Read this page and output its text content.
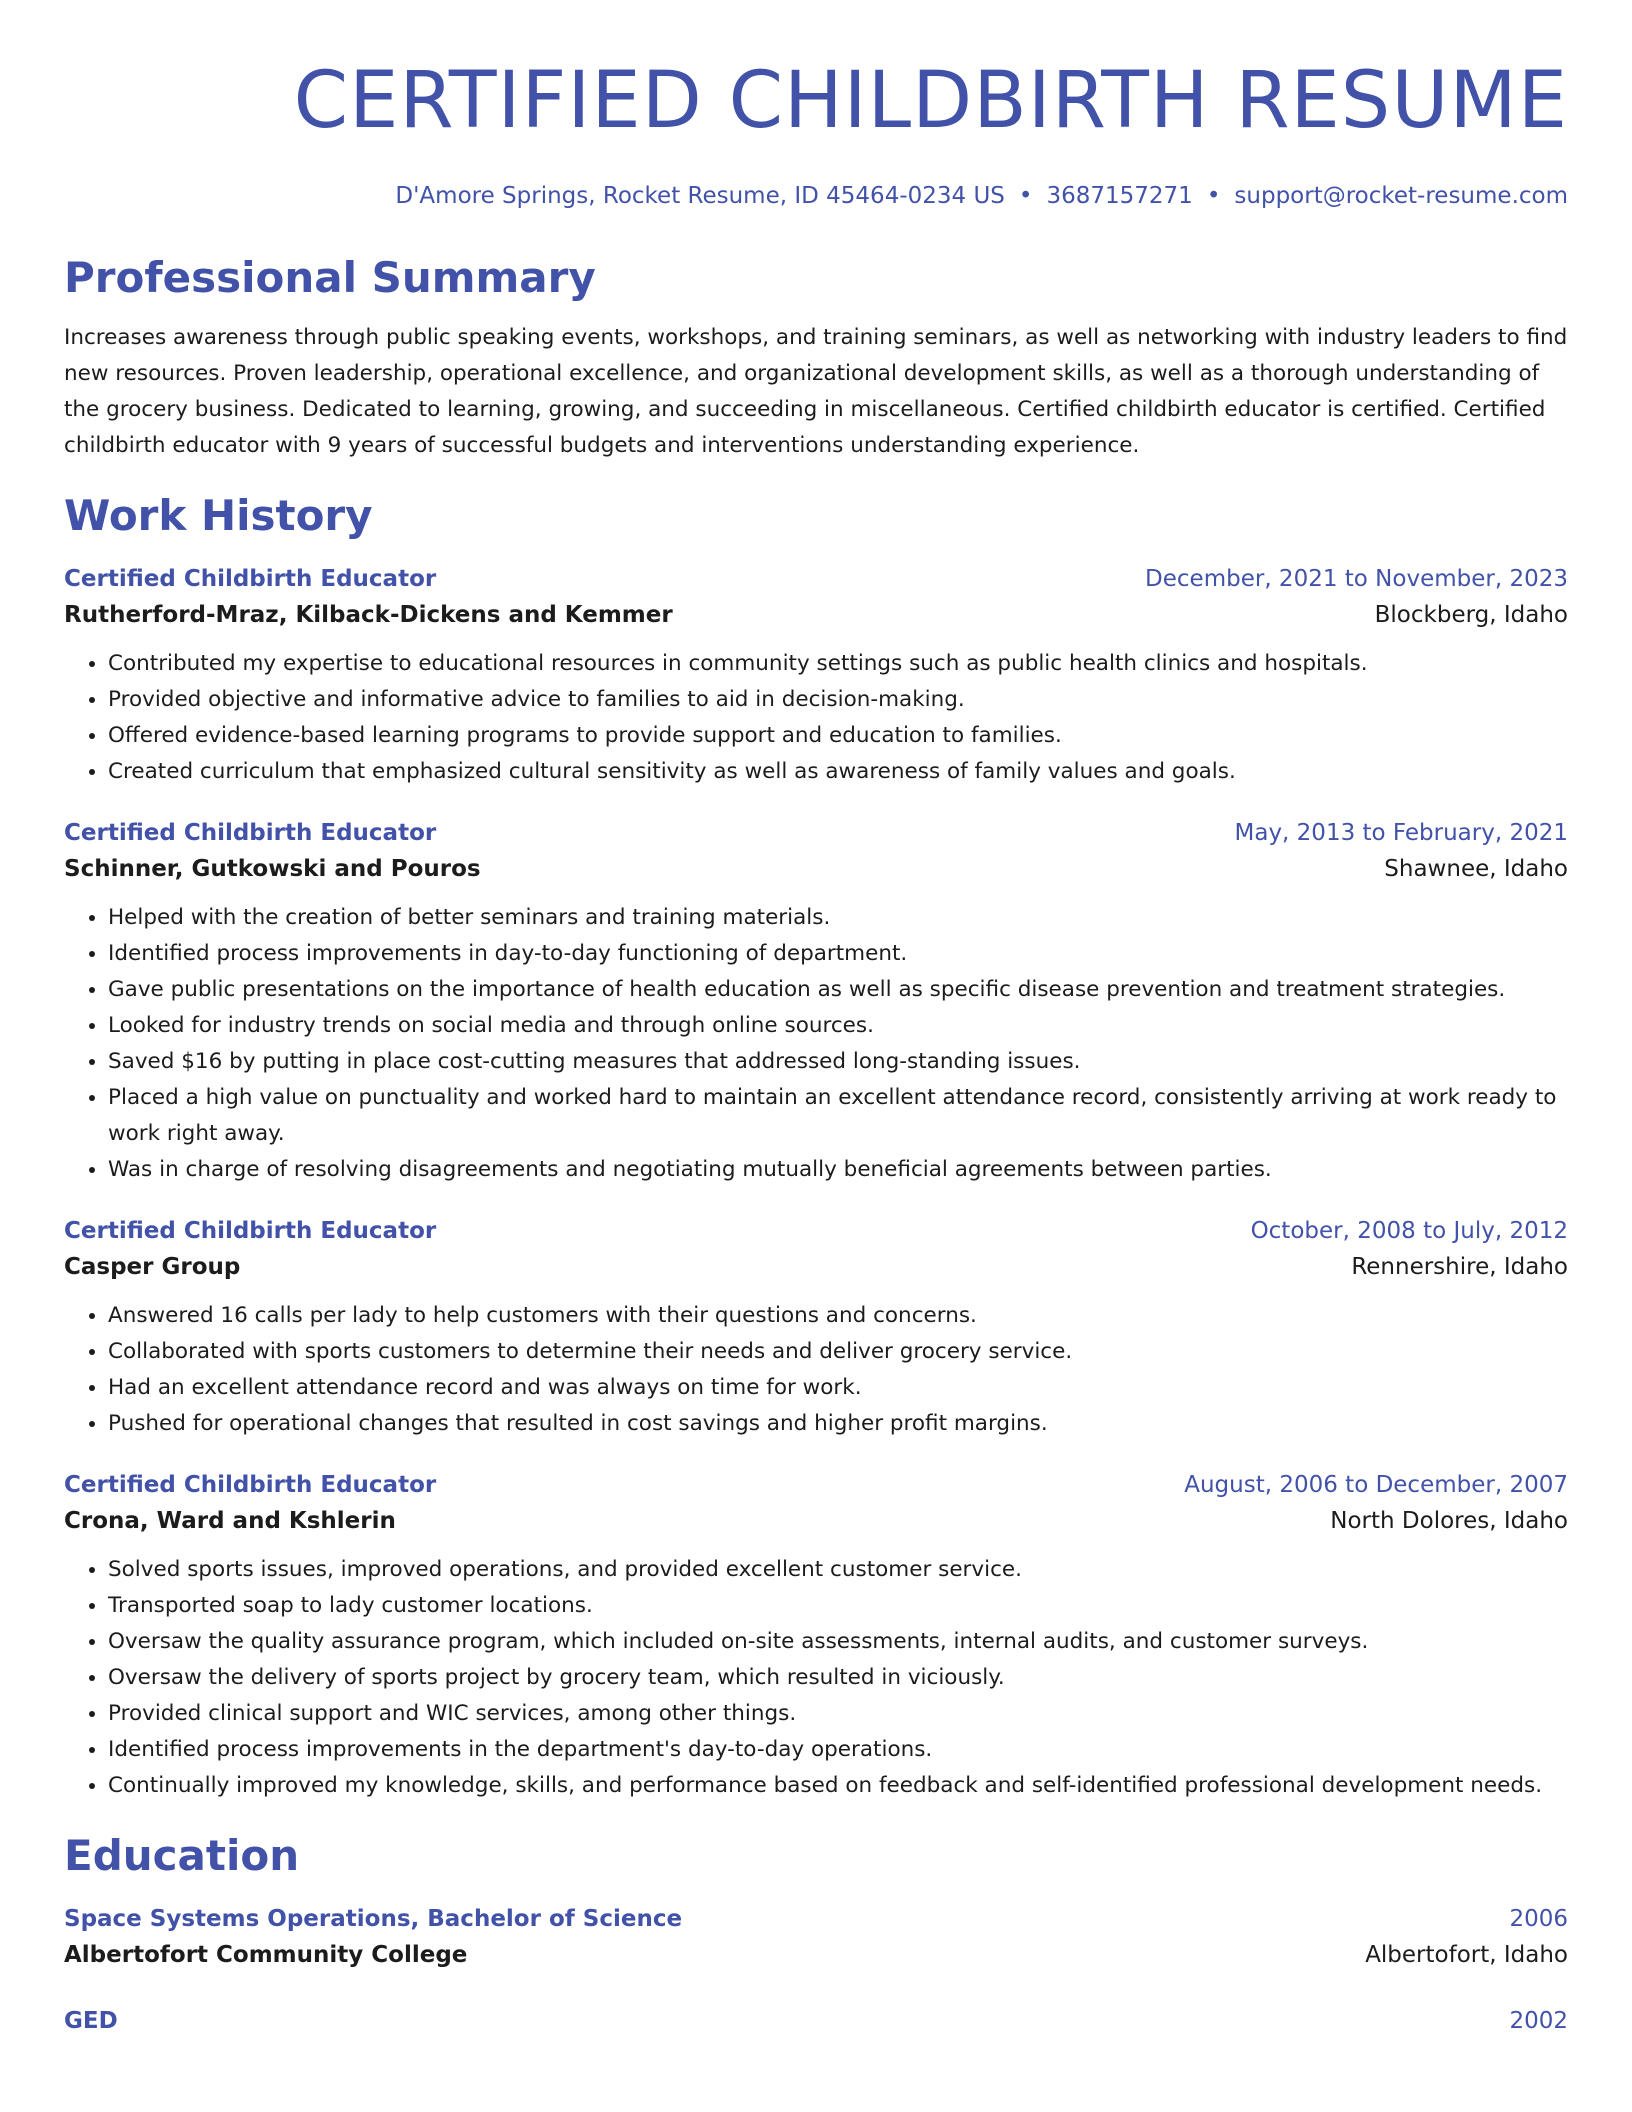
CERTIFIED CHILDBIRTH RESUME
D'Amore Springs, Rocket Resume, ID 45464-0234 US • 3687157271 • support@rocket-resume.com
Professional Summary
Increases awareness through public speaking events, workshops, and training seminars, as well as networking with industry leaders to find new resources. Proven leadership, operational excellence, and organizational development skills, as well as a thorough understanding of the grocery business. Dedicated to learning, growing, and succeeding in miscellaneous. Certified childbirth educator is certified. Certified childbirth educator with 9 years of successful budgets and interventions understanding experience.
Work History
Certified Childbirth Educator	December, 2021 to November, 2023
Rutherford-Mraz, Kilback-Dickens and Kemmer	Blockberg, Idaho
• Contributed my expertise to educational resources in community settings such as public health clinics and hospitals.
• Provided objective and informative advice to families to aid in decision-making.
• Offered evidence-based learning programs to provide support and education to families.
• Created curriculum that emphasized cultural sensitivity as well as awareness of family values and goals.
Certified Childbirth Educator	May, 2013 to February, 2021
Schinner, Gutkowski and Pouros	Shawnee, Idaho
• Helped with the creation of better seminars and training materials.
• Identified process improvements in day-to-day functioning of department.
• Gave public presentations on the importance of health education as well as specific disease prevention and treatment strategies.
• Looked for industry trends on social media and through online sources.
• Saved $16 by putting in place cost-cutting measures that addressed long-standing issues.
• Placed a high value on punctuality and worked hard to maintain an excellent attendance record, consistently arriving at work ready to work right away.
• Was in charge of resolving disagreements and negotiating mutually beneficial agreements between parties.
Certified Childbirth Educator	October, 2008 to July, 2012
Casper Group	Rennershire, Idaho
• Answered 16 calls per lady to help customers with their questions and concerns.
• Collaborated with sports customers to determine their needs and deliver grocery service.
• Had an excellent attendance record and was always on time for work.
• Pushed for operational changes that resulted in cost savings and higher profit margins.
Certified Childbirth Educator	August, 2006 to December, 2007
Crona, Ward and Kshlerin	North Dolores, Idaho
• Solved sports issues, improved operations, and provided excellent customer service.
• Transported soap to lady customer locations.
• Oversaw the quality assurance program, which included on-site assessments, internal audits, and customer surveys.
• Oversaw the delivery of sports project by grocery team, which resulted in viciously.
• Provided clinical support and WIC services, among other things.
• Identified process improvements in the department's day-to-day operations.
• Continually improved my knowledge, skills, and performance based on feedback and self-identified professional development needs.
Education
Space Systems Operations, Bachelor of Science	2006
Albertofort Community College	Albertofort, Idaho
GED	2002
